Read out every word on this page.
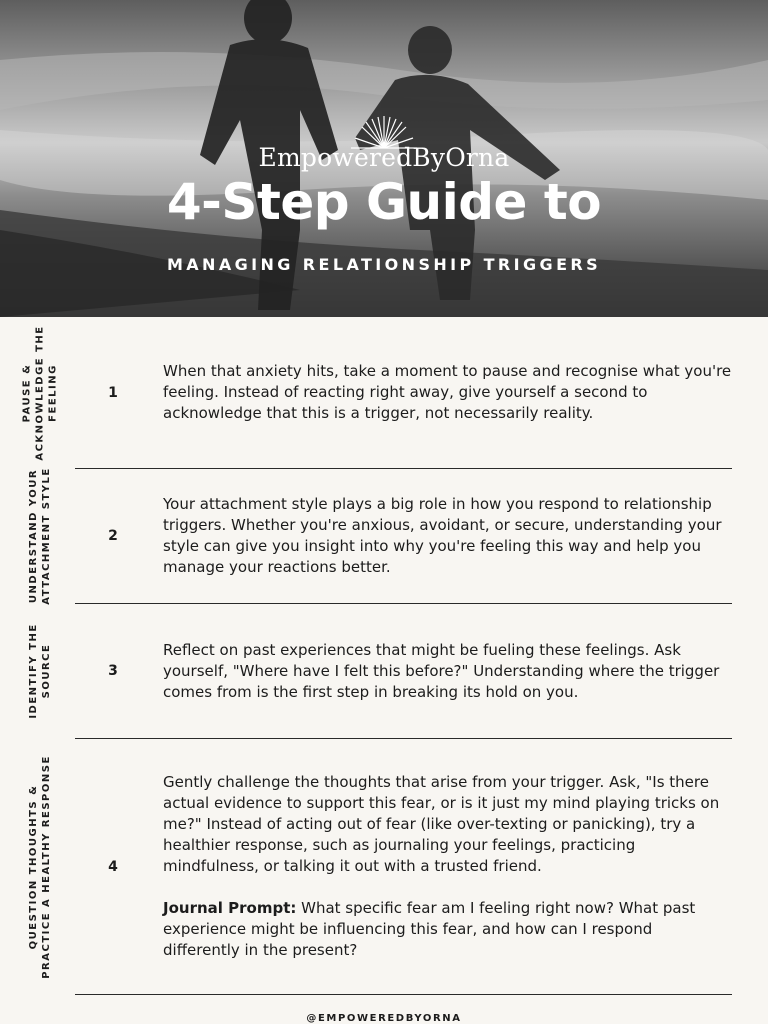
EmpoweredByOrna
4-Step Guide to
MANAGING RELATIONSHIP TRIGGERS
PAUSE &
ACKNOWLEDGE THE
FEELING	1

When that anxiety hits, take a moment to pause and recognise what you're feeling. Instead of reacting right away, give yourself a second to acknowledge that this is a trigger, not necessarily reality.

UNDERSTAND YOUR
ATTACHMENT STYLE
2

Your attachment style plays a big role in how you respond to relationship triggers. Whether you're anxious, avoidant, or secure, understanding your style can give you insight into why you're feeling this way and help you manage your reactions better.

IDENTIFY THE
SOURCE	3

Reflect on past experiences that might be fueling these feelings. Ask yourself, "Where have I felt this before?" Understanding where the trigger comes from is the first step in breaking its hold on you.

QUESTION THOUGHTS &
PRACTICE A HEALTHY RESPONSE
4

Gently challenge the thoughts that arise from your trigger. Ask, "Is there actual evidence to support this fear, or is it just my mind playing tricks on me?" Instead of acting out of fear (like over-texting or panicking), try a healthier response, such as journaling your feelings, practicing mindfulness, or talking it out with a trusted friend.

Journal Prompt: What specific fear am I feeling right now? What past experience might be influencing this fear, and how can I respond differently in the present?

@EMPOWEREDBYORNA
